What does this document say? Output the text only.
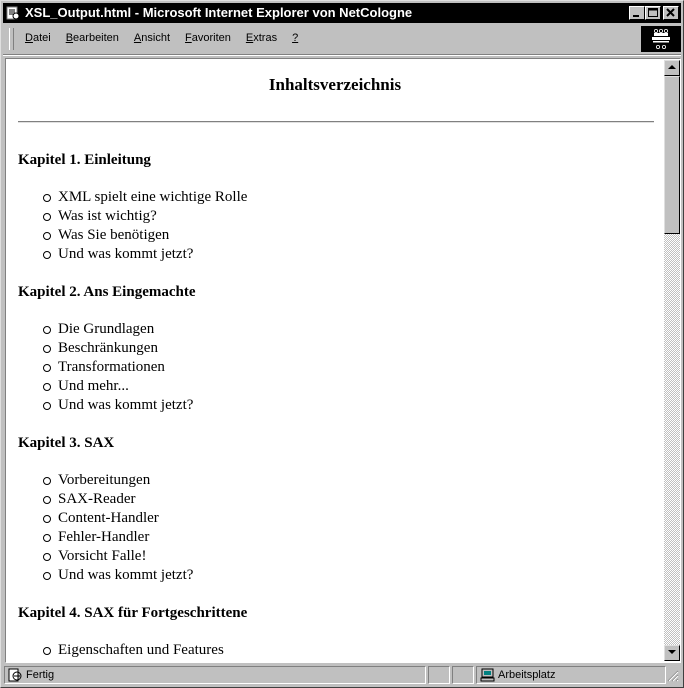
XSL_Output.html - Microsoft Internet Explorer von NetCologne
Datei Bearbeiten Ansicht Favoriten Extras ?
Inhaltsverzeichnis
Kapitel 1. Einleitung
XML spielt eine wichtige Rolle
Was ist wichtig?
Was Sie benötigen
Und was kommt jetzt?
Kapitel 2. Ans Eingemachte
Die Grundlagen
Beschränkungen
Transformationen
Und mehr...
Und was kommt jetzt?
Kapitel 3. SAX
Vorbereitungen
SAX-Reader
Content-Handler
Fehler-Handler
Vorsicht Falle!
Und was kommt jetzt?
Kapitel 4. SAX für Fortgeschrittene
Eigenschaften und Features
Fertig	Arbeitsplatz
